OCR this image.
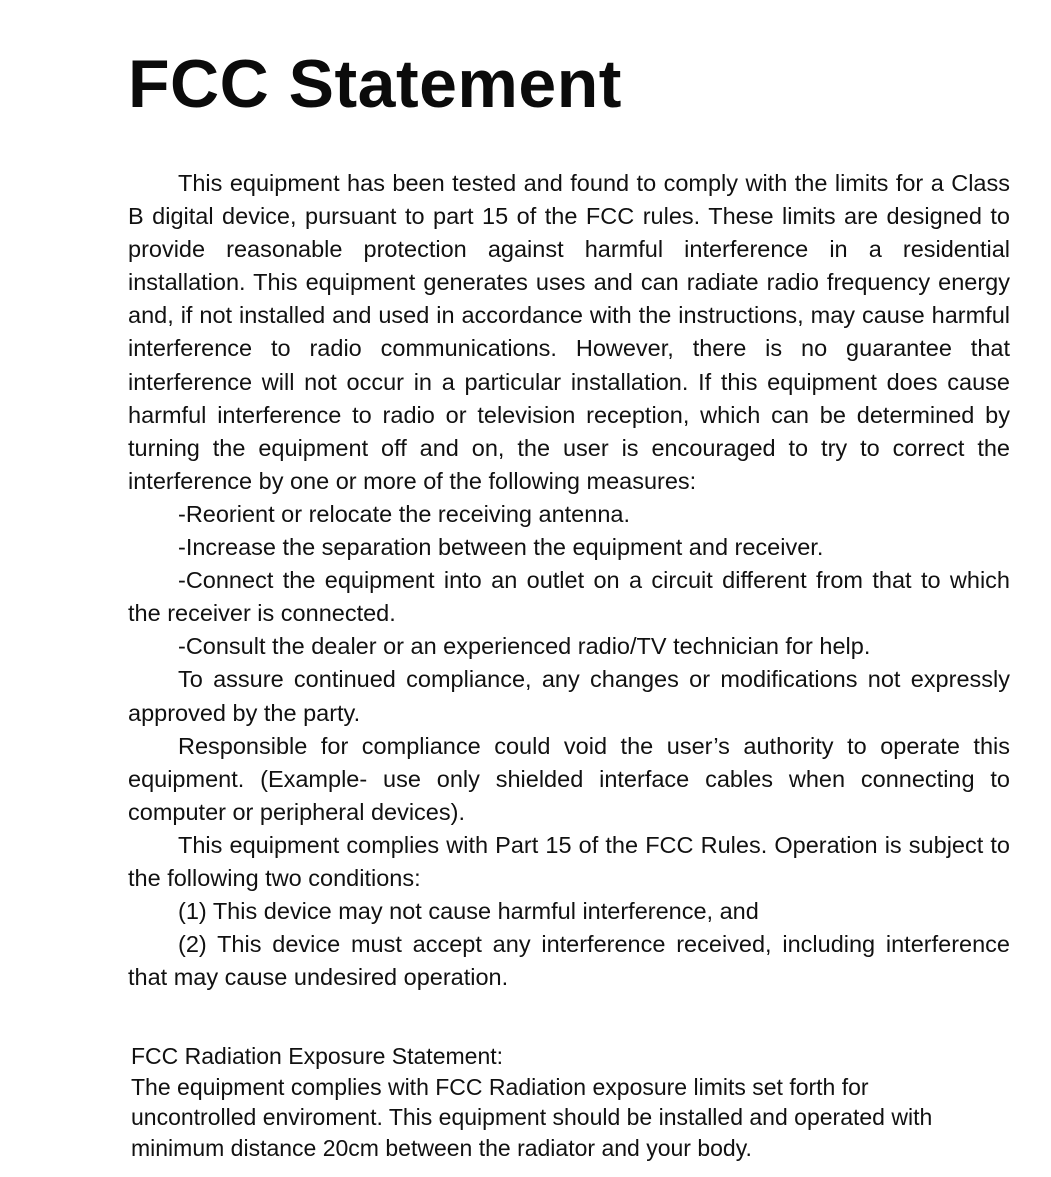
FCC Statement

This equipment has been tested and found to comply with the limits for a Class B digital device, pursuant to part 15 of the FCC rules. These limits are designed to provide reasonable protection against harmful interference in a residential installation. This equipment generates uses and can radiate radio frequency energy and, if not installed and used in accordance with the instructions, may cause harmful interference to radio communications. However, there is no guarantee that interference will not occur in a particular installation. If this equipment does cause harmful interference to radio or television reception, which can be determined by turning the equipment off and on, the user is encouraged to try to correct the interference by one or more of the following measures:

-Reorient or relocate the receiving antenna.

-Increase the separation between the equipment and receiver.

-Connect the equipment into an outlet on a circuit different from that to which the receiver is connected.

-Consult the dealer or an experienced radio/TV technician for help.

To assure continued compliance, any changes or modifications not expressly approved by the party.

Responsible for compliance could void the user’s authority to operate this equipment. (Example- use only shielded interface cables when connecting to computer or peripheral devices).

This equipment complies with Part 15 of the FCC Rules. Operation is subject to the following two conditions:

(1) This device may not cause harmful interference, and

(2) This device must accept any interference received, including interference that may cause undesired operation.

FCC Radiation Exposure Statement:

The equipment complies with FCC Radiation exposure limits set forth for
uncontrolled enviroment. This equipment should be installed and operated with
minimum distance 20cm between the radiator and your body.
